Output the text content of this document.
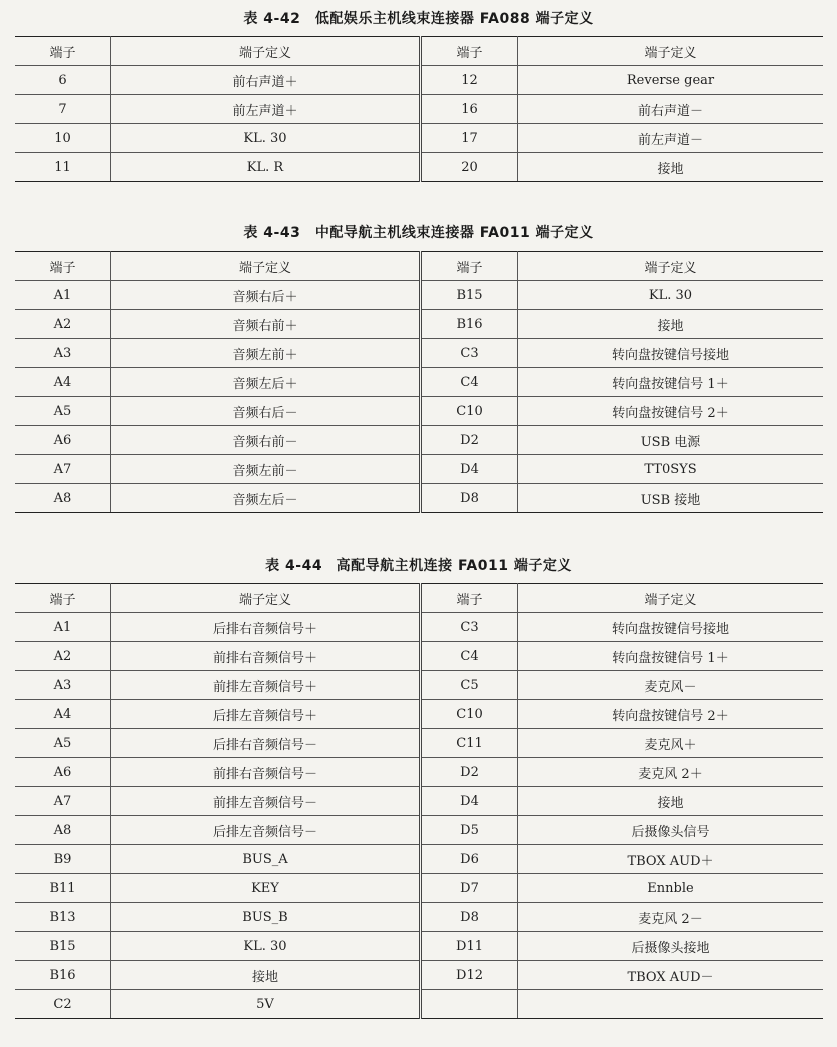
表 4-42　低配娱乐主机线束连接器 FA088 端子定义
端子	端子定义	端子	端子定义
6	前右声道＋	12	Reverse gear
7	前左声道＋	16	前右声道－
10	KL. 30	17	前左声道－
11	KL. R	20	接地
表 4-43　中配导航主机线束连接器 FA011 端子定义
端子	端子定义	端子	端子定义
A1	音频右后＋	B15	KL. 30
A2	音频右前＋	B16	接地
A3	音频左前＋	C3	转向盘按键信号接地
A4	音频左后＋	C4	转向盘按键信号 1＋
A5	音频右后－	C10	转向盘按键信号 2＋
A6	音频右前－	D2	USB 电源
A7	音频左前－	D4	TT0SYS
A8	音频左后－	D8	USB 接地
表 4-44　高配导航主机连接 FA011 端子定义
端子	端子定义	端子	端子定义
A1	后排右音频信号＋	C3	转向盘按键信号接地
A2	前排右音频信号＋	C4	转向盘按键信号 1＋
A3	前排左音频信号＋	C5	麦克风－
A4	后排左音频信号＋	C10	转向盘按键信号 2＋
A5	后排右音频信号－	C11	麦克风＋
A6	前排右音频信号－	D2	麦克风 2＋
A7	前排左音频信号－	D4	接地
A8	后排左音频信号－	D5	后摄像头信号
B9	BUS_A	D6	TBOX AUD＋
B11	KEY	D7	Ennble
B13	BUS_B	D8	麦克风 2－
B15	KL. 30	D11	后摄像头接地
B16	接地	D12	TBOX AUD－
C2	5V		
